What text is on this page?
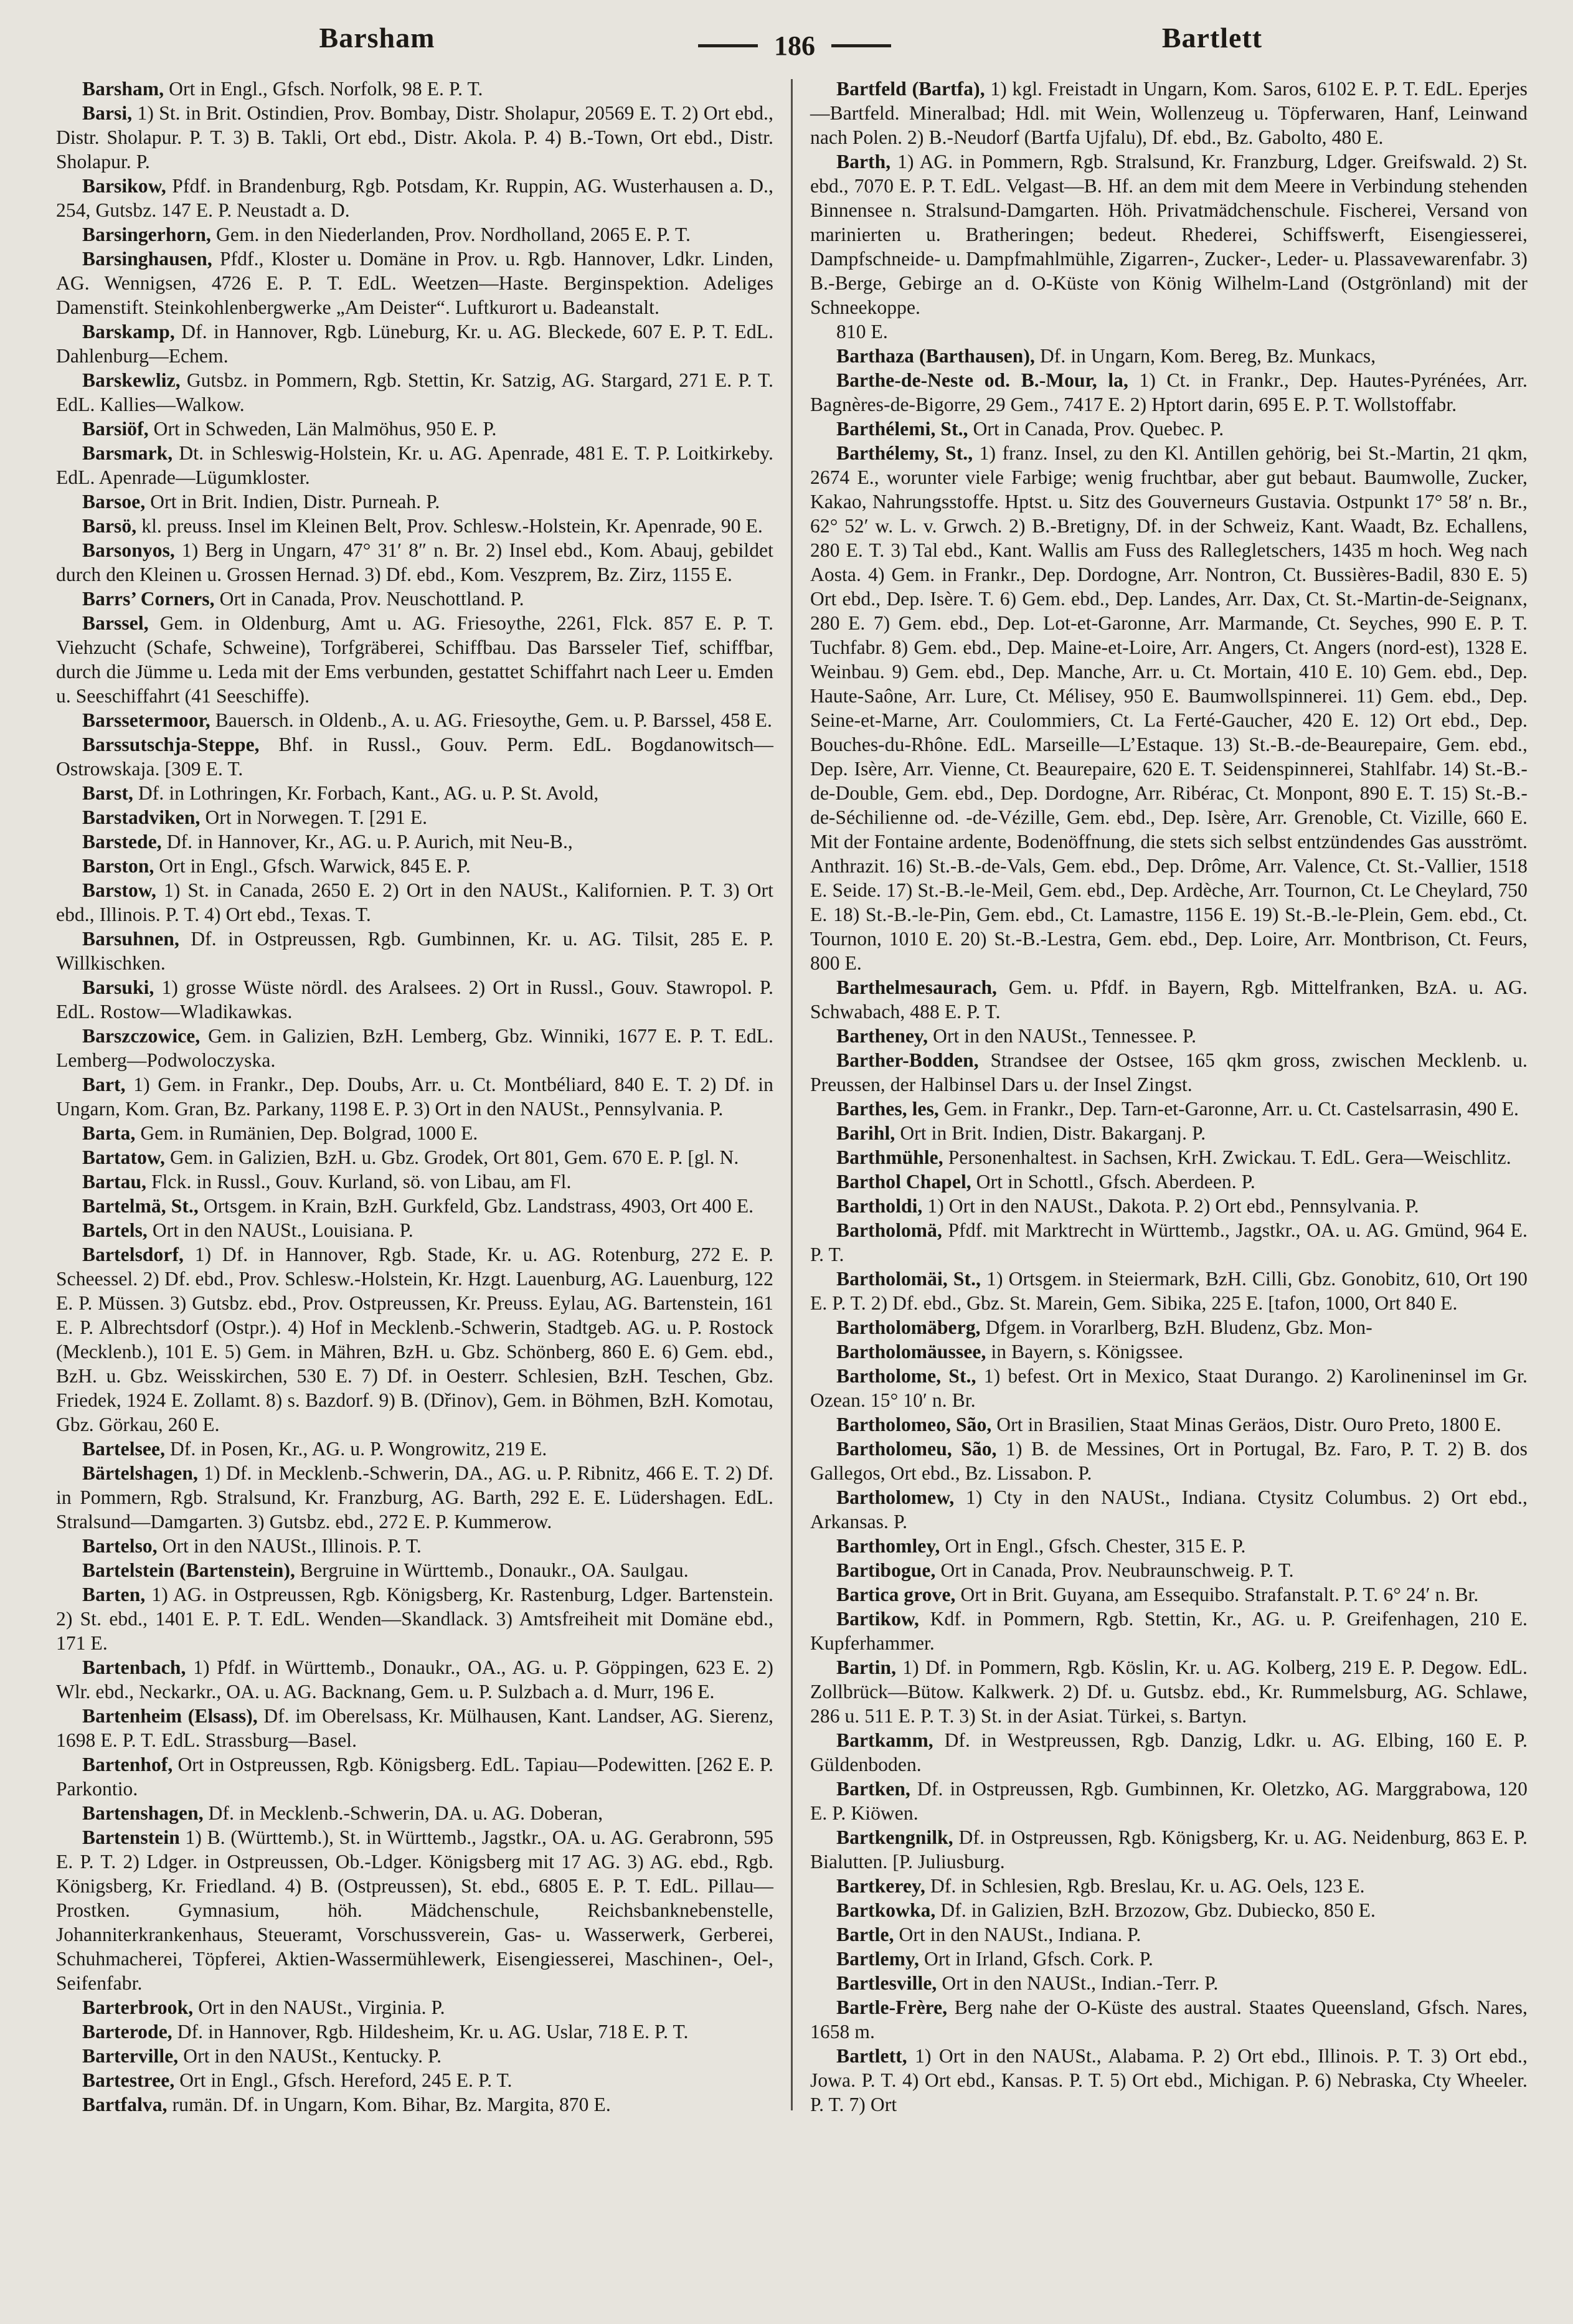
Barsham	186	Bartlett

Barsham, Ort in Engl., Gfsch. Norfolk, 98 E. P. T.

Barsi, 1) St. in Brit. Ostindien, Prov. Bombay, Distr. Sholapur, 20569 E. T. 2) Ort ebd., Distr. Sholapur. P. T. 3) B. Takli, Ort ebd., Distr. Akola. P. 4) B.-Town, Ort ebd., Distr. Sholapur. P.

Barsikow, Pfdf. in Brandenburg, Rgb. Potsdam, Kr. Ruppin, AG. Wusterhausen a. D., 254, Gutsbz. 147 E. P. Neustadt a. D.

Barsingerhorn, Gem. in den Niederlanden, Prov. Nordholland, 2065 E. P. T.

Barsinghausen, Pfdf., Kloster u. Domäne in Prov. u. Rgb. Hannover, Ldkr. Linden, AG. Wennigsen, 4726 E. P. T. EdL. Weetzen—Haste. Berginspektion. Adeliges Damenstift. Steinkohlenbergwerke „Am Deister“. Luftkurort u. Badeanstalt.

Barskamp, Df. in Hannover, Rgb. Lüneburg, Kr. u. AG. Bleckede, 607 E. P. T. EdL. Dahlenburg—Echem.

Barskewliz, Gutsbz. in Pommern, Rgb. Stettin, Kr. Satzig, AG. Stargard, 271 E. P. T. EdL. Kallies—Walkow.

Barsiöf, Ort in Schweden, Län Malmöhus, 950 E. P.

Barsmark, Dt. in Schleswig-Holstein, Kr. u. AG. Apenrade, 481 E. T. P. Loitkirkeby. EdL. Apenrade—Lügumkloster.

Barsoe, Ort in Brit. Indien, Distr. Purneah. P.

Barsö, kl. preuss. Insel im Kleinen Belt, Prov. Schlesw.-Holstein, Kr. Apenrade, 90 E.

Barsonyos, 1) Berg in Ungarn, 47° 31′ 8″ n. Br. 2) Insel ebd., Kom. Abauj, gebildet durch den Kleinen u. Grossen Hernad. 3) Df. ebd., Kom. Veszprem, Bz. Zirz, 1155 E.

Barrs’ Corners, Ort in Canada, Prov. Neuschottland. P.

Barssel, Gem. in Oldenburg, Amt u. AG. Friesoythe, 2261, Flck. 857 E. P. T. Viehzucht (Schafe, Schweine), Torfgräberei, Schiffbau. Das Barsseler Tief, schiffbar, durch die Jümme u. Leda mit der Ems verbunden, gestattet Schiffahrt nach Leer u. Emden u. Seeschiffahrt (41 Seeschiffe).

Barssetermoor, Bauersch. in Oldenb., A. u. AG. Friesoythe, Gem. u. P. Barssel, 458 E.

Barssutschja-Steppe, Bhf. in Russl., Gouv. Perm. EdL. Bogdanowitsch—Ostrowskaja. [309 E. T.

Barst, Df. in Lothringen, Kr. Forbach, Kant., AG. u. P. St. Avold,

Barstadviken, Ort in Norwegen. T. [291 E.

Barstede, Df. in Hannover, Kr., AG. u. P. Aurich, mit Neu-B.,

Barston, Ort in Engl., Gfsch. Warwick, 845 E. P.

Barstow, 1) St. in Canada, 2650 E. 2) Ort in den NAUSt., Kalifornien. P. T. 3) Ort ebd., Illinois. P. T. 4) Ort ebd., Texas. T.

Barsuhnen, Df. in Ostpreussen, Rgb. Gumbinnen, Kr. u. AG. Tilsit, 285 E. P. Willkischken.

Barsuki, 1) grosse Wüste nördl. des Aralsees. 2) Ort in Russl., Gouv. Stawropol. P. EdL. Rostow—Wladikawkas.

Barszczowice, Gem. in Galizien, BzH. Lemberg, Gbz. Winniki, 1677 E. P. T. EdL. Lemberg—Podwoloczyska.

Bart, 1) Gem. in Frankr., Dep. Doubs, Arr. u. Ct. Montbéliard, 840 E. T. 2) Df. in Ungarn, Kom. Gran, Bz. Parkany, 1198 E. P. 3) Ort in den NAUSt., Pennsylvania. P.

Barta, Gem. in Rumänien, Dep. Bolgrad, 1000 E.

Bartatow, Gem. in Galizien, BzH. u. Gbz. Grodek, Ort 801, Gem. 670 E. P. [gl. N.

Bartau, Flck. in Russl., Gouv. Kurland, sö. von Libau, am Fl.

Bartelmä, St., Ortsgem. in Krain, BzH. Gurkfeld, Gbz. Landstrass, 4903, Ort 400 E.

Bartels, Ort in den NAUSt., Louisiana. P.

Bartelsdorf, 1) Df. in Hannover, Rgb. Stade, Kr. u. AG. Rotenburg, 272 E. P. Scheessel. 2) Df. ebd., Prov. Schlesw.-Holstein, Kr. Hzgt. Lauenburg, AG. Lauenburg, 122 E. P. Müssen. 3) Gutsbz. ebd., Prov. Ostpreussen, Kr. Preuss. Eylau, AG. Bartenstein, 161 E. P. Albrechtsdorf (Ostpr.). 4) Hof in Mecklenb.-Schwerin, Stadtgeb. AG. u. P. Rostock (Mecklenb.), 101 E. 5) Gem. in Mähren, BzH. u. Gbz. Schönberg, 860 E. 6) Gem. ebd., BzH. u. Gbz. Weisskirchen, 530 E. 7) Df. in Oesterr. Schlesien, BzH. Teschen, Gbz. Friedek, 1924 E. Zollamt. 8) s. Bazdorf. 9) B. (Dřinov), Gem. in Böhmen, BzH. Komotau, Gbz. Görkau, 260 E.

Bartelsee, Df. in Posen, Kr., AG. u. P. Wongrowitz, 219 E.

Bärtelshagen, 1) Df. in Mecklenb.-Schwerin, DA., AG. u. P. Ribnitz, 466 E. T. 2) Df. in Pommern, Rgb. Stralsund, Kr. Franzburg, AG. Barth, 292 E. E. Lüdershagen. EdL. Stralsund—Damgarten. 3) Gutsbz. ebd., 272 E. P. Kummerow.

Bartelso, Ort in den NAUSt., Illinois. P. T.

Bartelstein (Bartenstein), Bergruine in Württemb., Donaukr., OA. Saulgau.

Barten, 1) AG. in Ostpreussen, Rgb. Königsberg, Kr. Rastenburg, Ldger. Bartenstein. 2) St. ebd., 1401 E. P. T. EdL. Wenden—Skandlack. 3) Amtsfreiheit mit Domäne ebd., 171 E.

Bartenbach, 1) Pfdf. in Württemb., Donaukr., OA., AG. u. P. Göppingen, 623 E. 2) Wlr. ebd., Neckarkr., OA. u. AG. Backnang, Gem. u. P. Sulzbach a. d. Murr, 196 E.

Bartenheim (Elsass), Df. im Oberelsass, Kr. Mülhausen, Kant. Landser, AG. Sierenz, 1698 E. P. T. EdL. Strassburg—Basel.

Bartenhof, Ort in Ostpreussen, Rgb. Königsberg. EdL. Tapiau—Podewitten. [262 E. P. Parkontio.

Bartenshagen, Df. in Mecklenb.-Schwerin, DA. u. AG. Doberan,

Bartenstein 1) B. (Württemb.), St. in Württemb., Jagstkr., OA. u. AG. Gerabronn, 595 E. P. T. 2) Ldger. in Ostpreussen, Ob.-Ldger. Königsberg mit 17 AG. 3) AG. ebd., Rgb. Königsberg, Kr. Friedland. 4) B. (Ostpreussen), St. ebd., 6805 E. P. T. EdL. Pillau—Prostken. Gymnasium, höh. Mädchenschule, Reichsbanknebenstelle, Johanniterkrankenhaus, Steueramt, Vorschussverein, Gas- u. Wasserwerk, Gerberei, Schuhmacherei, Töpferei, Aktien-Wassermühlewerk, Eisengiesserei, Maschinen-, Oel-, Seifenfabr.

Barterbrook, Ort in den NAUSt., Virginia. P.

Barterode, Df. in Hannover, Rgb. Hildesheim, Kr. u. AG. Uslar, 718 E. P. T.

Barterville, Ort in den NAUSt., Kentucky. P.

Bartestree, Ort in Engl., Gfsch. Hereford, 245 E. P. T.

Bartfalva, rumän. Df. in Ungarn, Kom. Bihar, Bz. Margita, 870 E.

Bartfeld (Bartfa), 1) kgl. Freistadt in Ungarn, Kom. Saros, 6102 E. P. T. EdL. Eperjes—Bartfeld. Mineralbad; Hdl. mit Wein, Wollenzeug u. Töpferwaren, Hanf, Leinwand nach Polen. 2) B.-Neudorf (Bartfa Ujfalu), Df. ebd., Bz. Gabolto, 480 E.

Barth, 1) AG. in Pommern, Rgb. Stralsund, Kr. Franzburg, Ldger. Greifswald. 2) St. ebd., 7070 E. P. T. EdL. Velgast—B. Hf. an dem mit dem Meere in Verbindung stehenden Binnensee n. Stralsund-Damgarten. Höh. Privatmädchenschule. Fischerei, Versand von marinierten u. Bratheringen; bedeut. Rhederei, Schiffswerft, Eisengiesserei, Dampfschneide- u. Dampfmahlmühle, Zigarren-, Zucker-, Leder- u. Plassavewarenfabr. 3) B.-Berge, Gebirge an d. O-Küste von König Wilhelm-Land (Ostgrönland) mit der Schneekoppe.

810 E.

Barthaza (Barthausen), Df. in Ungarn, Kom. Bereg, Bz. Munkacs,

Barthe-de-Neste od. B.-Mour, la, 1) Ct. in Frankr., Dep. Hautes-Pyrénées, Arr. Bagnères-de-Bigorre, 29 Gem., 7417 E. 2) Hptort darin, 695 E. P. T. Wollstoffabr.

Barthélemi, St., Ort in Canada, Prov. Quebec. P.

Barthélemy, St., 1) franz. Insel, zu den Kl. Antillen gehörig, bei St.-Martin, 21 qkm, 2674 E., worunter viele Farbige; wenig fruchtbar, aber gut bebaut. Baumwolle, Zucker, Kakao, Nahrungsstoffe. Hptst. u. Sitz des Gouverneurs Gustavia. Ostpunkt 17° 58′ n. Br., 62° 52′ w. L. v. Grwch. 2) B.-Bretigny, Df. in der Schweiz, Kant. Waadt, Bz. Echallens, 280 E. T. 3) Tal ebd., Kant. Wallis am Fuss des Rallegletschers, 1435 m hoch. Weg nach Aosta. 4) Gem. in Frankr., Dep. Dordogne, Arr. Nontron, Ct. Bussières-Badil, 830 E. 5) Ort ebd., Dep. Isère. T. 6) Gem. ebd., Dep. Landes, Arr. Dax, Ct. St.-Martin-de-Seignanx, 280 E. 7) Gem. ebd., Dep. Lot-et-Garonne, Arr. Marmande, Ct. Seyches, 990 E. P. T. Tuchfabr. 8) Gem. ebd., Dep. Maine-et-Loire, Arr. Angers, Ct. Angers (nord-est), 1328 E. Weinbau. 9) Gem. ebd., Dep. Manche, Arr. u. Ct. Mortain, 410 E. 10) Gem. ebd., Dep. Haute-Saône, Arr. Lure, Ct. Mélisey, 950 E. Baumwollspinnerei. 11) Gem. ebd., Dep. Seine-et-Marne, Arr. Coulommiers, Ct. La Ferté-Gaucher, 420 E. 12) Ort ebd., Dep. Bouches-du-Rhône. EdL. Marseille—L’Estaque. 13) St.-B.-de-Beaurepaire, Gem. ebd., Dep. Isère, Arr. Vienne, Ct. Beaurepaire, 620 E. T. Seidenspinnerei, Stahlfabr. 14) St.-B.-de-Double, Gem. ebd., Dep. Dordogne, Arr. Ribérac, Ct. Monpont, 890 E. T. 15) St.-B.-de-Séchilienne od. -de-Vézille, Gem. ebd., Dep. Isère, Arr. Grenoble, Ct. Vizille, 660 E. Mit der Fontaine ardente, Bodenöffnung, die stets sich selbst entzündendes Gas ausströmt. Anthrazit. 16) St.-B.-de-Vals, Gem. ebd., Dep. Drôme, Arr. Valence, Ct. St.-Vallier, 1518 E. Seide. 17) St.-B.-le-Meil, Gem. ebd., Dep. Ardèche, Arr. Tournon, Ct. Le Cheylard, 750 E. 18) St.-B.-le-Pin, Gem. ebd., Ct. Lamastre, 1156 E. 19) St.-B.-le-Plein, Gem. ebd., Ct. Tournon, 1010 E. 20) St.-B.-Lestra, Gem. ebd., Dep. Loire, Arr. Montbrison, Ct. Feurs, 800 E.

Barthelmesaurach, Gem. u. Pfdf. in Bayern, Rgb. Mittelfranken, BzA. u. AG. Schwabach, 488 E. P. T.

Bartheney, Ort in den NAUSt., Tennessee. P.

Barther-Bodden, Strandsee der Ostsee, 165 qkm gross, zwischen Mecklenb. u. Preussen, der Halbinsel Dars u. der Insel Zingst.

Barthes, les, Gem. in Frankr., Dep. Tarn-et-Garonne, Arr. u. Ct. Castelsarrasin, 490 E.

Barihl, Ort in Brit. Indien, Distr. Bakarganj. P.

Barthmühle, Personenhaltest. in Sachsen, KrH. Zwickau. T. EdL. Gera—Weischlitz.

Barthol Chapel, Ort in Schottl., Gfsch. Aberdeen. P.

Bartholdi, 1) Ort in den NAUSt., Dakota. P. 2) Ort ebd., Pennsylvania. P.

Bartholomä, Pfdf. mit Marktrecht in Württemb., Jagstkr., OA. u. AG. Gmünd, 964 E. P. T.

Bartholomäi, St., 1) Ortsgem. in Steiermark, BzH. Cilli, Gbz. Gonobitz, 610, Ort 190 E. P. T. 2) Df. ebd., Gbz. St. Marein, Gem. Sibika, 225 E. [tafon, 1000, Ort 840 E.

Bartholomäberg, Dfgem. in Vorarlberg, BzH. Bludenz, Gbz. Mon-

Bartholomäussee, in Bayern, s. Königssee.

Bartholome, St., 1) befest. Ort in Mexico, Staat Durango. 2) Karolineninsel im Gr. Ozean. 15° 10′ n. Br.

Bartholomeo, São, Ort in Brasilien, Staat Minas Geräos, Distr. Ouro Preto, 1800 E.

Bartholomeu, São, 1) B. de Messines, Ort in Portugal, Bz. Faro, P. T. 2) B. dos Gallegos, Ort ebd., Bz. Lissabon. P.

Bartholomew, 1) Cty in den NAUSt., Indiana. Ctysitz Columbus. 2) Ort ebd., Arkansas. P.

Barthomley, Ort in Engl., Gfsch. Chester, 315 E. P.

Bartibogue, Ort in Canada, Prov. Neubraunschweig. P. T.

Bartica grove, Ort in Brit. Guyana, am Essequibo. Strafanstalt. P. T. 6° 24′ n. Br.

Bartikow, Kdf. in Pommern, Rgb. Stettin, Kr., AG. u. P. Greifenhagen, 210 E. Kupferhammer.

Bartin, 1) Df. in Pommern, Rgb. Köslin, Kr. u. AG. Kolberg, 219 E. P. Degow. EdL. Zollbrück—Bütow. Kalkwerk. 2) Df. u. Gutsbz. ebd., Kr. Rummelsburg, AG. Schlawe, 286 u. 511 E. P. T. 3) St. in der Asiat. Türkei, s. Bartyn.

Bartkamm, Df. in Westpreussen, Rgb. Danzig, Ldkr. u. AG. Elbing, 160 E. P. Güldenboden.

Bartken, Df. in Ostpreussen, Rgb. Gumbinnen, Kr. Oletzko, AG. Marggrabowa, 120 E. P. Kiöwen.

Bartkengnilk, Df. in Ostpreussen, Rgb. Königsberg, Kr. u. AG. Neidenburg, 863 E. P. Bialutten. [P. Juliusburg.

Bartkerey, Df. in Schlesien, Rgb. Breslau, Kr. u. AG. Oels, 123 E.

Bartkowka, Df. in Galizien, BzH. Brzozow, Gbz. Dubiecko, 850 E.

Bartle, Ort in den NAUSt., Indiana. P.

Bartlemy, Ort in Irland, Gfsch. Cork. P.

Bartlesville, Ort in den NAUSt., Indian.-Terr. P.

Bartle-Frère, Berg nahe der O-Küste des austral. Staates Queensland, Gfsch. Nares, 1658 m.

Bartlett, 1) Ort in den NAUSt., Alabama. P. 2) Ort ebd., Illinois. P. T. 3) Ort ebd., Jowa. P. T. 4) Ort ebd., Kansas. P. T. 5) Ort ebd., Michigan. P. 6) Nebraska, Cty Wheeler. P. T. 7) Ort
